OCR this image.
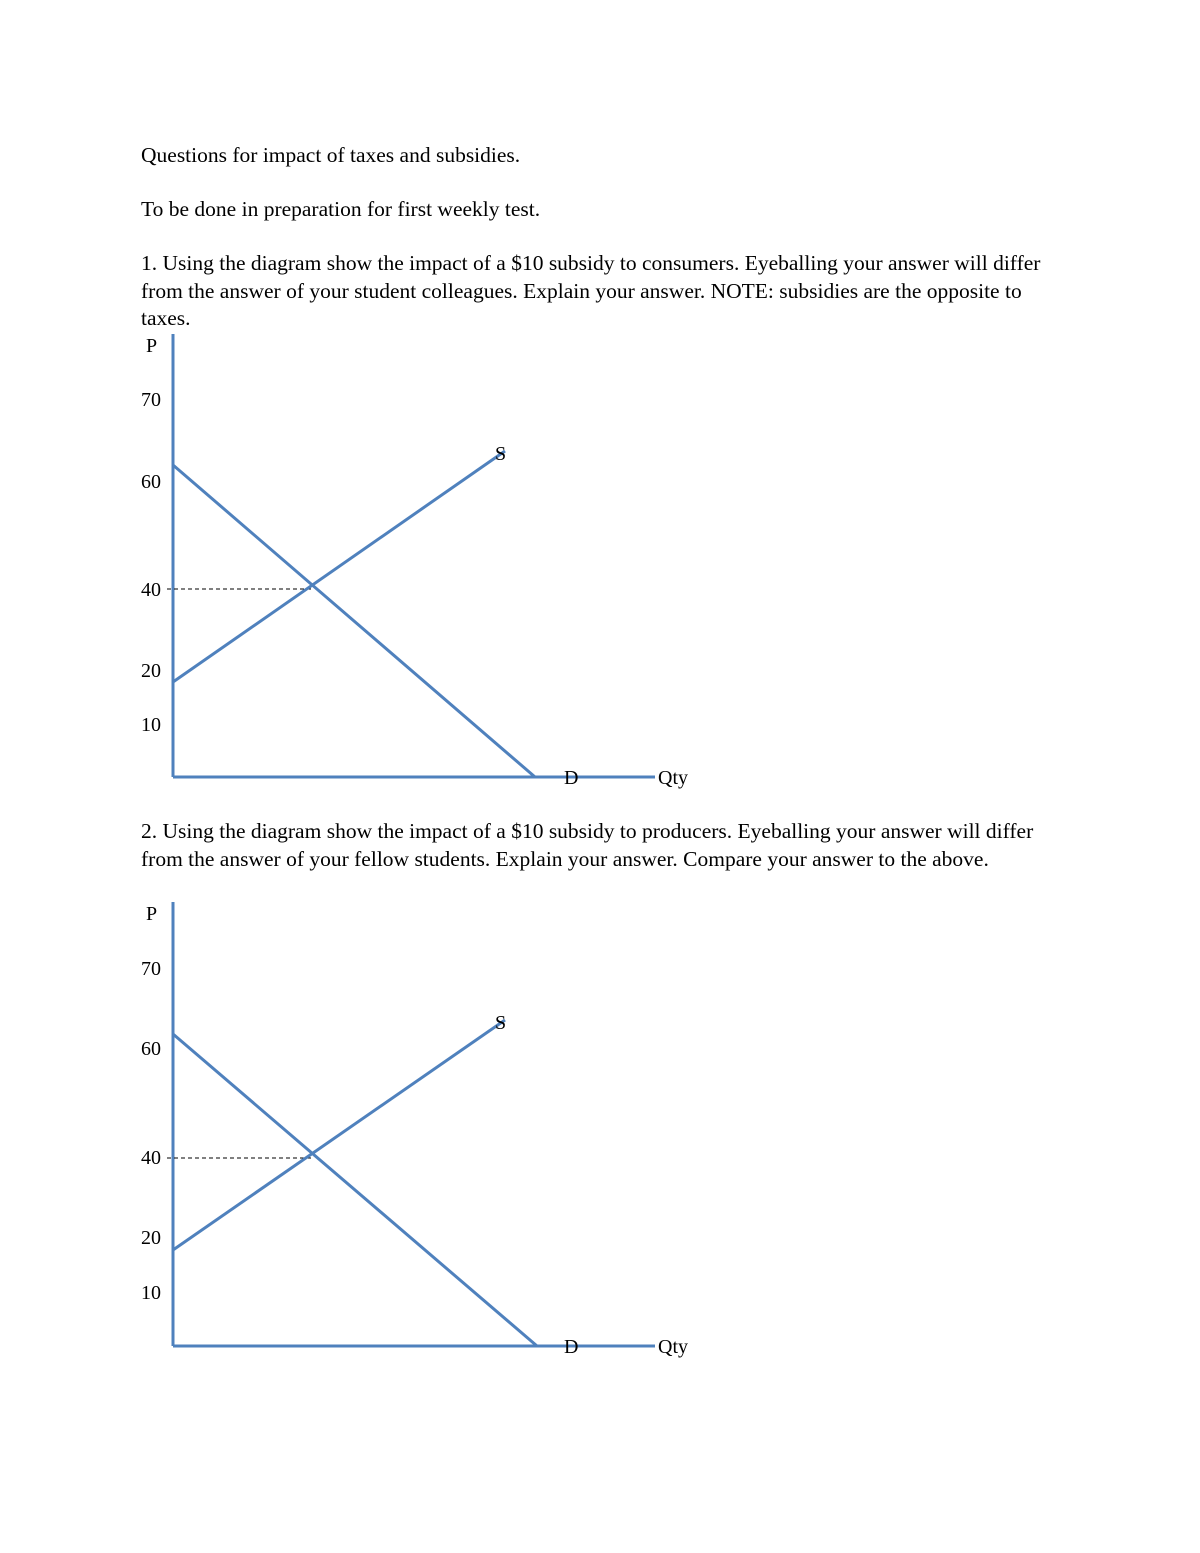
Questions for impact of taxes and subsidies.

To be done in preparation for first weekly test.

1. Using the diagram show the impact of a $10 subsidy to consumers. Eyeballing your answer will differ from the answer of your student colleagues. Explain your answer. NOTE: subsidies are the opposite to taxes.

P
70
60
40
20
10
S
D	Qty

2. Using the diagram show the impact of a $10 subsidy to producers. Eyeballing your answer will differ from the answer of your fellow students. Explain your answer. Compare your answer to the above.

P
70
60
40
20
10
S
D	Qty
